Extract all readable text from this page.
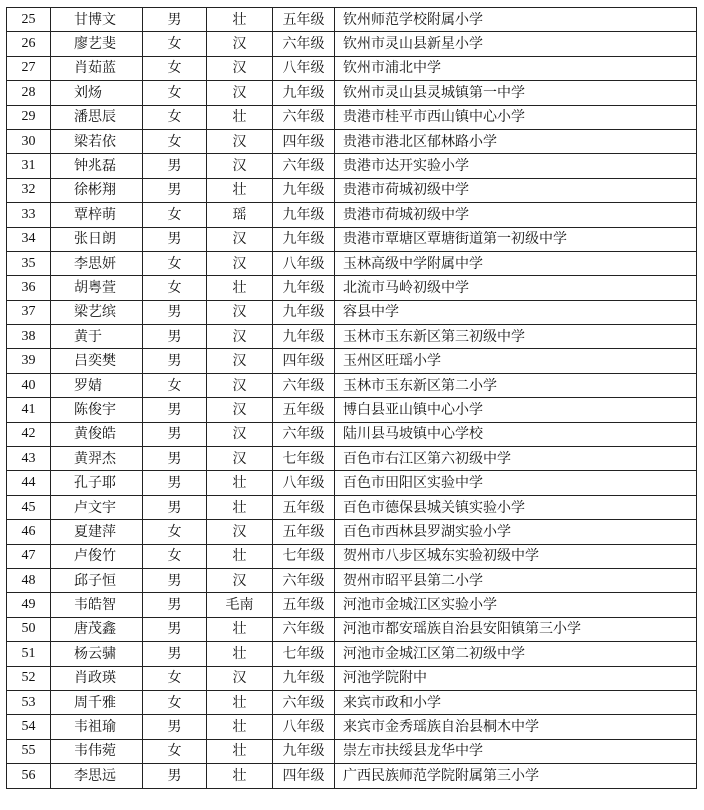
25	甘博文	男	壮	五年级	钦州师范学校附属小学
26	廖艺斐	女	汉	六年级	钦州市灵山县新星小学
27	肖茹蓝	女	汉	八年级	钦州市浦北中学
28	刘炀	女	汉	九年级	钦州市灵山县灵城镇第一中学
29	潘思辰	女	壮	六年级	贵港市桂平市西山镇中心小学
30	梁若依	女	汉	四年级	贵港市港北区郁林路小学
31	钟兆磊	男	汉	六年级	贵港市达开实验小学
32	徐彬翔	男	壮	九年级	贵港市荷城初级中学
33	覃梓萌	女	瑶	九年级	贵港市荷城初级中学
34	张日朗	男	汉	九年级	贵港市覃塘区覃塘街道第一初级中学
35	李思妍	女	汉	八年级	玉林高级中学附属中学
36	胡粤萱	女	壮	九年级	北流市马岭初级中学
37	梁艺缤	男	汉	九年级	容县中学
38	黄于	男	汉	九年级	玉林市玉东新区第三初级中学
39	吕奕樊	男	汉	四年级	玉州区旺瑶小学
40	罗婧	女	汉	六年级	玉林市玉东新区第二小学
41	陈俊宇	男	汉	五年级	博白县亚山镇中心小学
42	黄俊皓	男	汉	六年级	陆川县马坡镇中心学校
43	黄羿杰	男	汉	七年级	百色市右江区第六初级中学
44	孔子耶	男	壮	八年级	百色市田阳区实验中学
45	卢文宇	男	壮	五年级	百色市德保县城关镇实验小学
46	夏建萍	女	汉	五年级	百色市西林县罗湖实验小学
47	卢俊竹	女	壮	七年级	贺州市八步区城东实验初级中学
48	邱子恒	男	汉	六年级	贺州市昭平县第二小学
49	韦皓智	男	毛南	五年级	河池市金城江区实验小学
50	唐茂鑫	男	壮	六年级	河池市都安瑶族自治县安阳镇第三小学
51	杨云骕	男	壮	七年级	河池市金城江区第二初级中学
52	肖政瑛	女	汉	九年级	河池学院附中
53	周千雅	女	壮	六年级	来宾市政和小学
54	韦祖瑜	男	壮	八年级	来宾市金秀瑶族自治县桐木中学
55	韦伟菀	女	壮	九年级	崇左市扶绥县龙华中学
56	李思远	男	壮	四年级	广西民族师范学院附属第三小学
